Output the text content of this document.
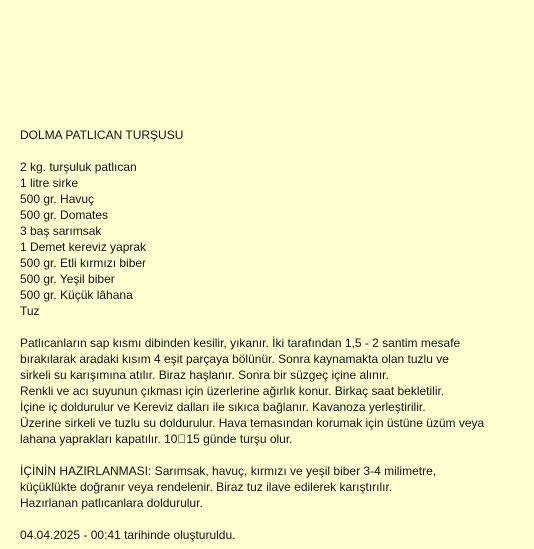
DOLMA PATLICAN TURŞUSU
2 kg. turşuluk patlıcan
1 litre sirke
500 gr. Havuç
500 gr. Domates
3 baş sarımsak
1 Demet kereviz yaprak
500 gr. Etli kırmızı biber
500 gr. Yeşil biber
500 gr. Küçük lâhana
Tuz
Patlıcanların sap kısmı dibinden kesilir, yıkanır. İki tarafından 1,5 - 2 santim mesafe
bırakılarak aradaki kısım 4 eşit parçaya bölünür. Sonra kaynamakta olan tuzlu ve
sirkeli su karışımına atılır. Biraz haşlanır. Sonra bir süzgeç içine alınır.
Renkli ve acı suyunun çıkması için üzerlerine ağırlık konur. Birkaç saat bekletilir.
İçine iç doldurulur ve Kereviz dalları ile sıkıca bağlanır. Kavanoza yerleştirilir.
Üzerine sirkeli ve tuzlu su doldurulur. Hava temasından korumak için üstüne üzüm veya
lahana yaprakları kapatılır. 10􀀀15 günde turşu olur.
İÇİNİN HAZIRLANMASI: Sarımsak, havuç, kırmızı ve yeşil biber 3-4 milimetre,
küçüklükte doğranır veya rendelenir. Biraz tuz ilave edilerek karıştırılır.
Hazırlanan patlıcanlara doldurulur.
04.04.2025 - 00:41 tarihinde oluşturuldu.
